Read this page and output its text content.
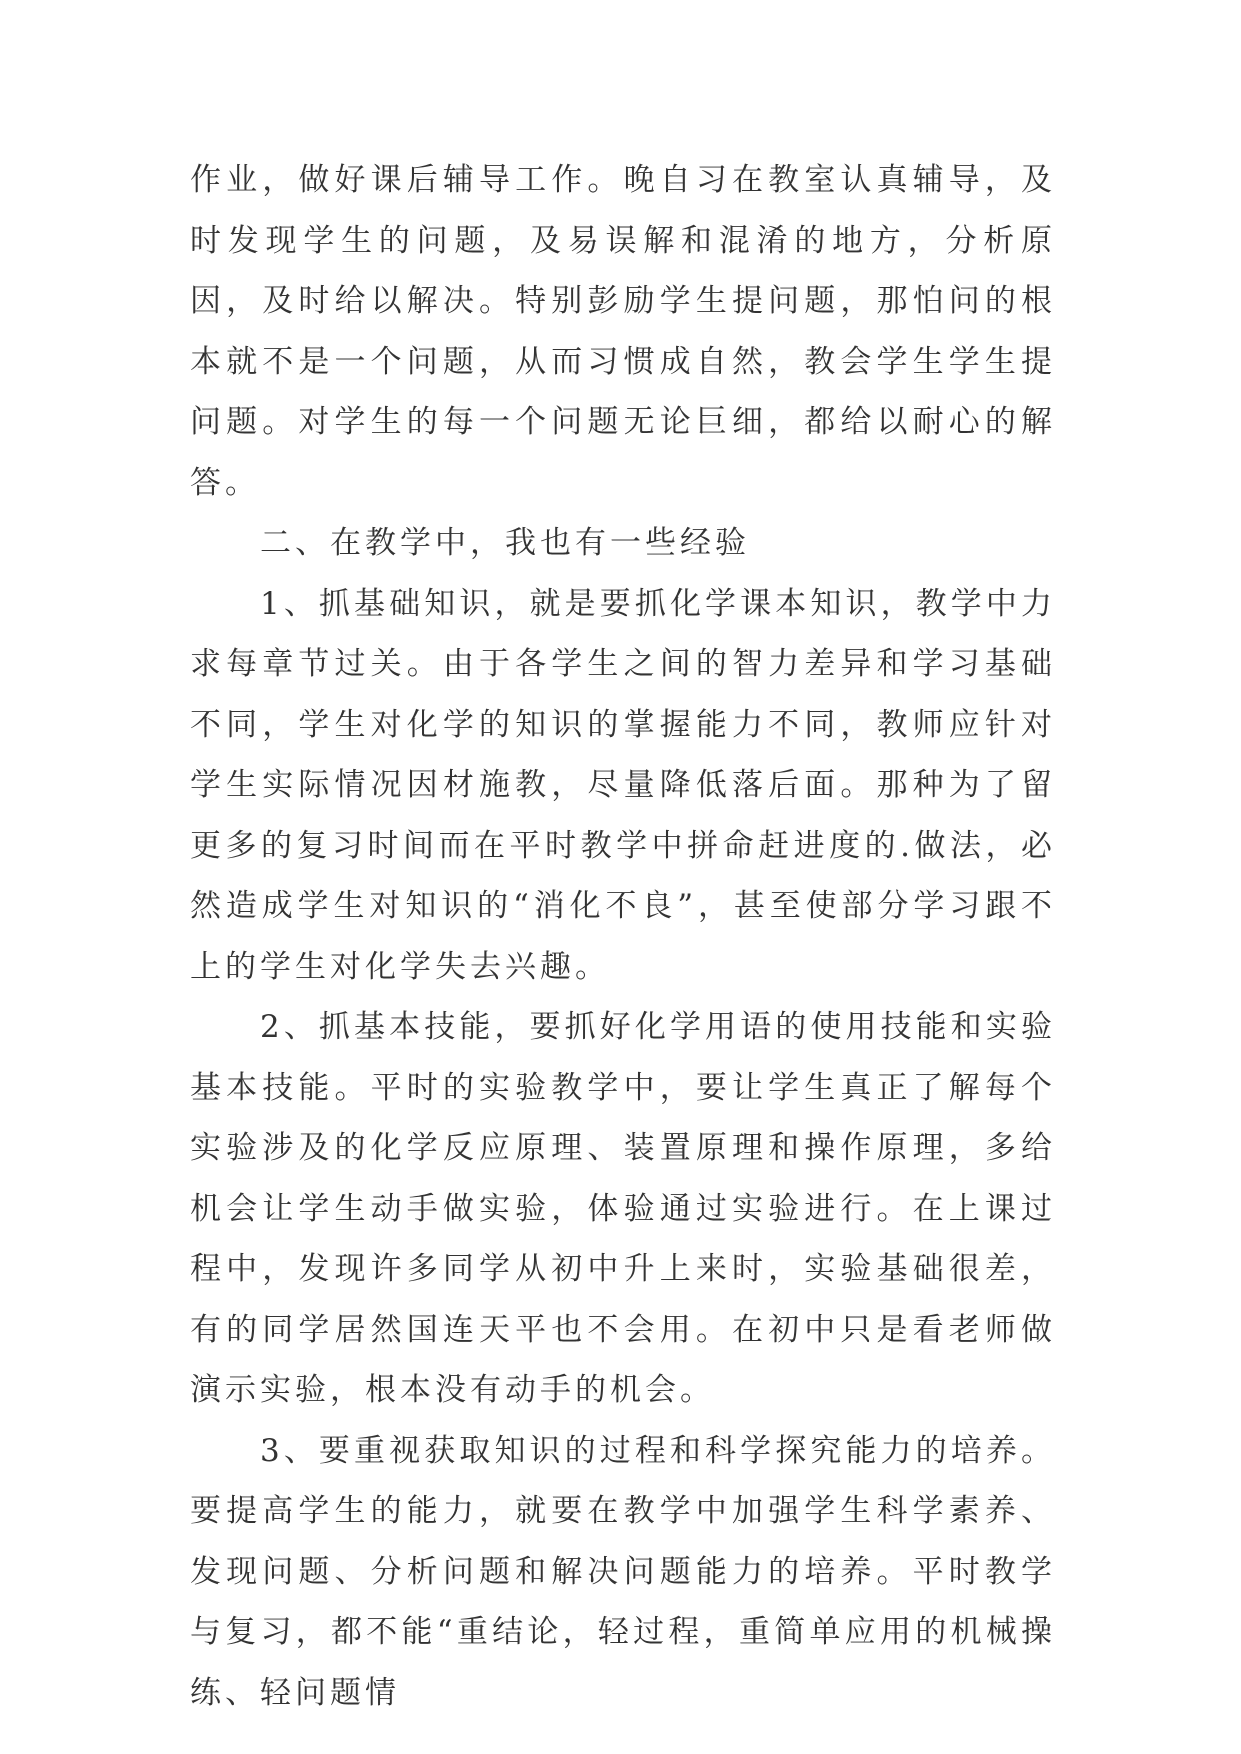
作业，做好课后辅导工作。晚自习在教室认真辅导，及时发现学生的问题，及易误解和混淆的地方，分析原因，及时给以解决。特别彭励学生提问题，那怕问的根本就不是一个问题，从而习惯成自然，教会学生学生提问题。对学生的每一个问题无论巨细，都给以耐心的解答。

二、在教学中，我也有一些经验

1、抓基础知识，就是要抓化学课本知识，教学中力求每章节过关。由于各学生之间的智力差异和学习基础不同，学生对化学的知识的掌握能力不同，教师应针对学生实际情况因材施教，尽量降低落后面。那种为了留更多的复习时间而在平时教学中拼命赶进度的.做法，必然造成学生对知识的“消化不良”，甚至使部分学习跟不上的学生对化学失去兴趣。

2、抓基本技能，要抓好化学用语的使用技能和实验基本技能。平时的实验教学中，要让学生真正了解每个实验涉及的化学反应原理、装置原理和操作原理，多给机会让学生动手做实验，体验通过实验进行。在上课过程中，发现许多同学从初中升上来时，实验基础很差，有的同学居然国连天平也不会用。在初中只是看老师做演示实验，根本没有动手的机会。

3、要重视获取知识的过程和科学探究能力的培养。要提高学生的能力，就要在教学中加强学生科学素养、发现问题、分析问题和解决问题能力的培养。平时教学与复习，都不能“重结论，轻过程，重简单应用的机械操练、轻问题情
